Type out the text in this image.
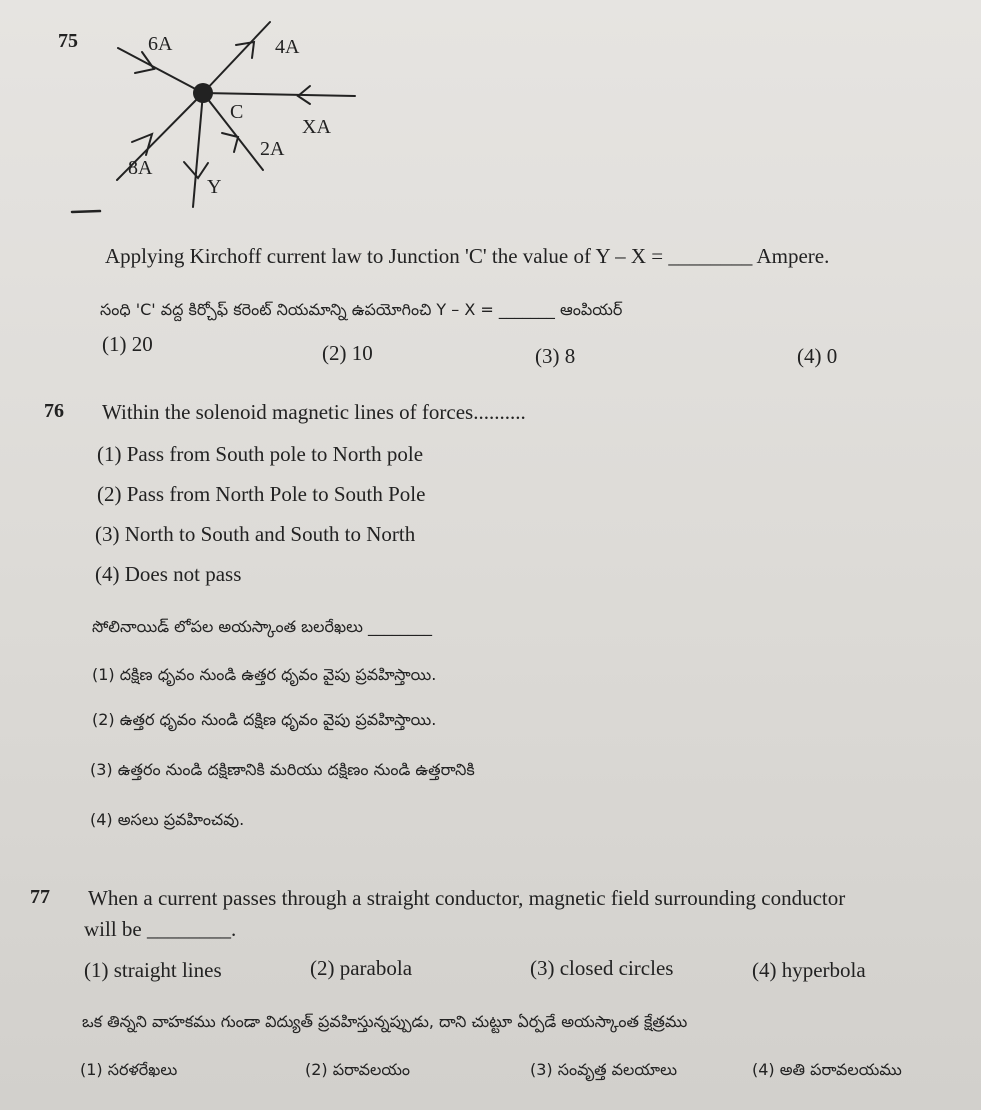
75	6A	4A
C
XA
2A
8A
Y
Applying Kirchoff current law to Junction 'C' the value of Y – X = ________ Ampere.
సంధి 'C' వద్ద కిర్చోఫ్ కరెంట్ నియమాన్ని ఉపయోగించి Y – X = _______ ఆంపియర్
(1) 20	(2) 10	(3) 8	(4) 0
76 Within the solenoid magnetic lines of forces..........
(1) Pass from South pole to North pole
(2) Pass from North Pole to South Pole
(3) North to South and South to North
(4) Does not pass
సోలినాయిడ్ లోపల అయస్కాంత బలరేఖలు ________
(1) దక్షిణ ధృవం నుండి ఉత్తర ధృవం వైపు ప్రవహిస్తాయి.
(2) ఉత్తర ధృవం నుండి దక్షిణ ధృవం వైపు ప్రవహిస్తాయి.
(3) ఉత్తరం నుండి దక్షిణానికి మరియు దక్షిణం నుండి ఉత్తరానికి
(4) అసలు ప్రవహించవు.
77 When a current passes through a straight conductor, magnetic field surrounding conductor
will be ________.
(1) straight lines	(2) parabola	(3) closed circles	(4) hyperbola
ఒక తిన్నని వాహకము గుండా విద్యుత్ ప్రవహిస్తున్నప్పుడు, దాని చుట్టూ ఏర్పడే అయస్కాంత క్షేత్రము
(1) సరళరేఖలు	(2) పరావలయం	(3) సంవృత్త వలయాలు	(4) అతి పరావలయము
